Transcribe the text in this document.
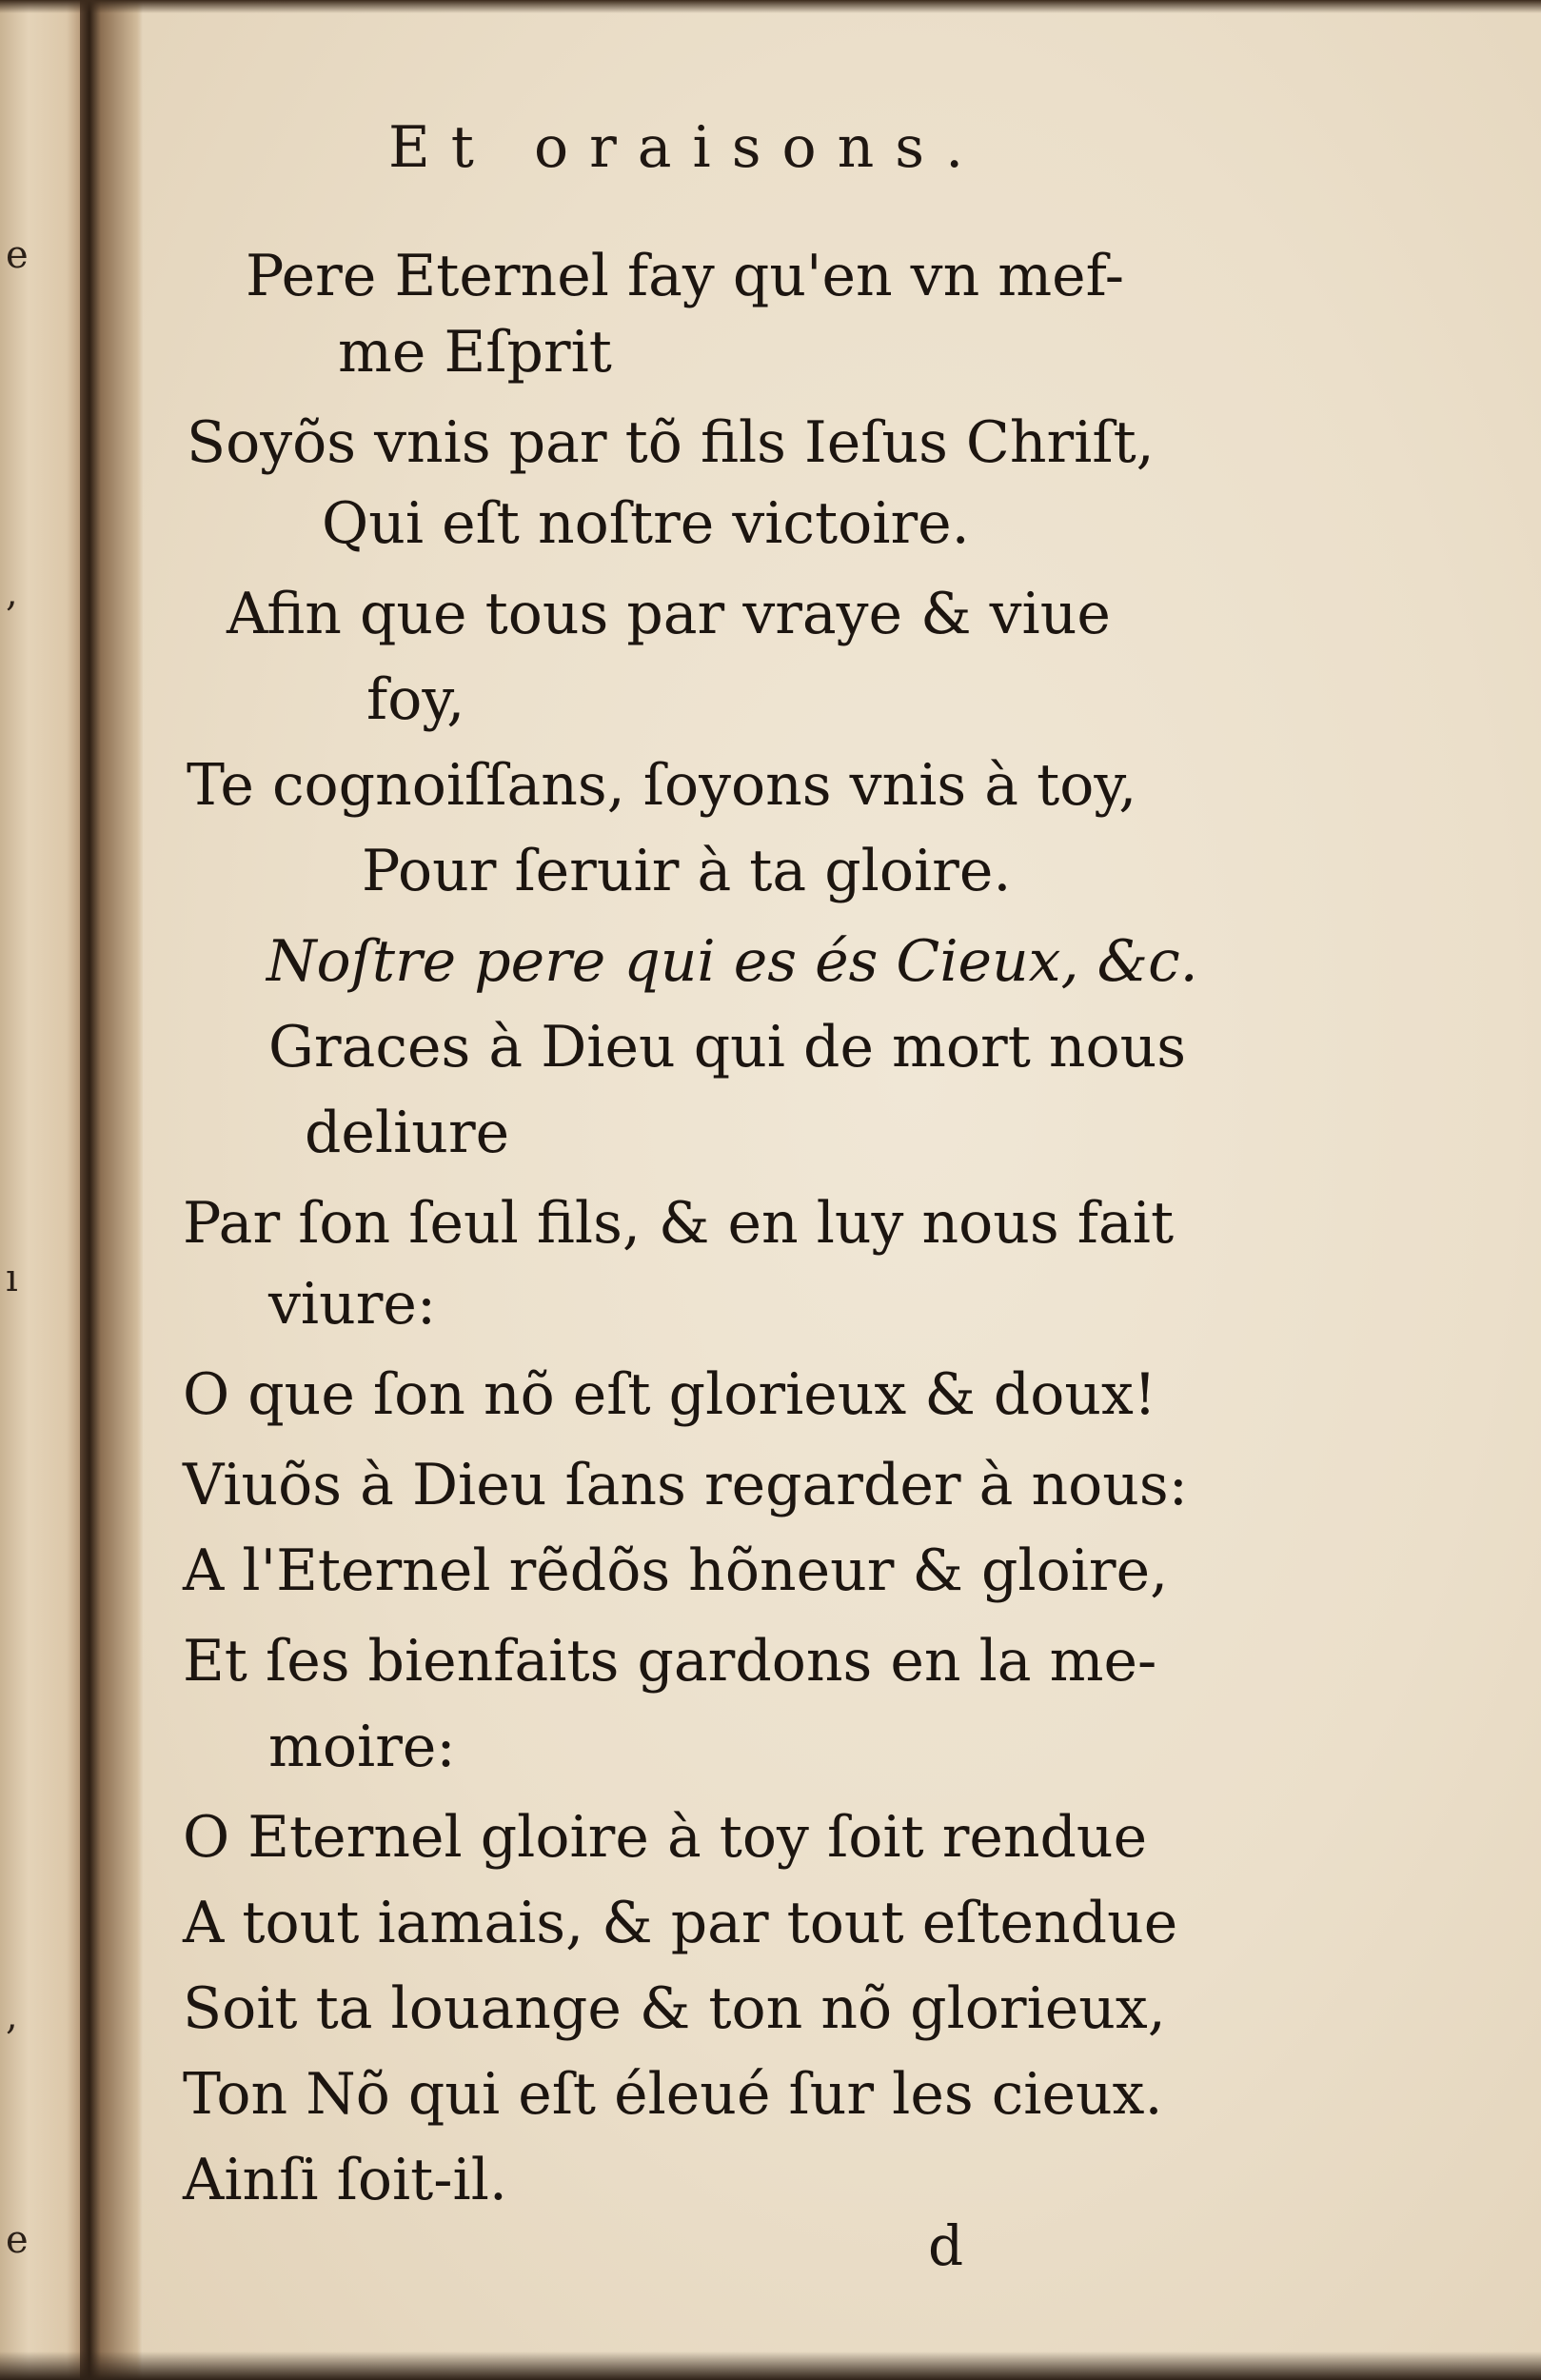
e
,
ı
,
e
Et oraisons.
Pere Eternel fay qu'en vn mef-
me Eſprit
Soyõs vnis par tõ fils Ieſus Chriſt,
Qui eſt noſtre victoire.
Afin que tous par vraye & viue
foy,
Te cognoiſſans, ſoyons vnis à toy,
Pour ſeruir à ta gloire.
Noſtre pere qui es és Cieux, &c.
Graces à Dieu qui de mort nous
deliure
Par ſon ſeul fils, & en luy nous fait
viure:
O que ſon nõ eſt glorieux & doux!
Viuõs à Dieu ſans regarder à nous:
A l'Eternel rẽdõs hõneur & gloire,
Et ſes bienfaits gardons en la me-
moire:
O Eternel gloire à toy ſoit rendue
A tout iamais, & par tout eſtendue
Soit ta louange & ton nõ glorieux,
Ton Nõ qui eſt éleué ſur les cieux.
Ainſi ſoit-il.
d
